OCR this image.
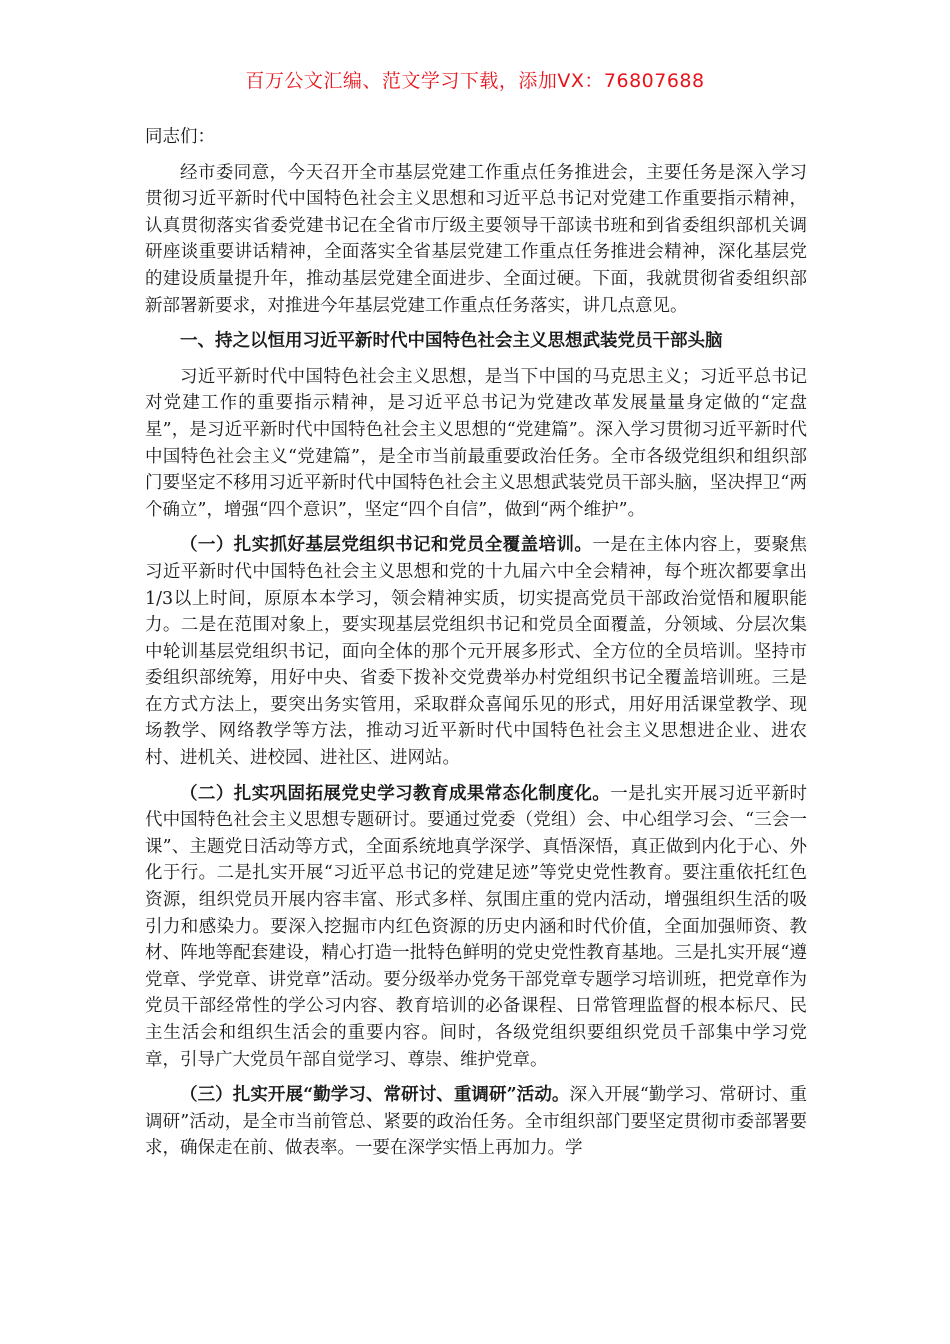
百万公文汇编、范文学习下载，添加VX：76807688

同志们：

经市委同意，今天召开全市基层党建工作重点任务推进会，主要任务是深入学习贯彻习近平新时代中国特色社会主义思想和习近平总书记对党建工作重要指示精神，认真贯彻落实省委党建书记在全省市厅级主要领导干部读书班和到省委组织部机关调研座谈重要讲话精神，全面落实全省基层党建工作重点任务推进会精神，深化基层党的建设质量提升年，推动基层党建全面进步、全面过硬。下面，我就贯彻省委组织部新部署新要求，对推进今年基层党建工作重点任务落实，讲几点意见。

一、持之以恒用习近平新时代中国特色社会主义思想武装党员干部头脑

习近平新时代中国特色社会主义思想，是当下中国的马克思主义；习近平总书记对党建工作的重要指示精神，是习近平总书记为党建改革发展量量身定做的“定盘星”，是习近平新时代中国特色社会主义思想的“党建篇”。深入学习贯彻习近平新时代中国特色社会主义“党建篇”，是全市当前最重要政治任务。全市各级党组织和组织部门要坚定不移用习近平新时代中国特色社会主义思想武装党员干部头脑，坚决捍卫“两个确立”，增强“四个意识”，坚定“四个自信”，做到“两个维护”。

（一）扎实抓好基层党组织书记和党员全覆盖培训。一是在主体内容上，要聚焦习近平新时代中国特色社会主义思想和党的十九届六中全会精神，每个班次都要拿出1/3以上时间，原原本本学习，领会精神实质，切实提高党员干部政治觉悟和履职能力。二是在范围对象上，要实现基层党组织书记和党员全面覆盖，分领域、分层次集中轮训基层党组织书记，面向全体的那个元开展多形式、全方位的全员培训。坚持市委组织部统筹，用好中央、省委下拨补交党费举办村党组织书记全覆盖培训班。三是在方式方法上，要突出务实管用，采取群众喜闻乐见的形式，用好用活课堂教学、现场教学、网络教学等方法，推动习近平新时代中国特色社会主义思想进企业、进农村、进机关、进校园、进社区、进网站。

（二）扎实巩固拓展党史学习教育成果常态化制度化。一是扎实开展习近平新时代中国特色社会主义思想专题研讨。要通过党委（党组）会、中心组学习会、“三会一课”、主题党日活动等方式，全面系统地真学深学、真悟深悟，真正做到内化于心、外化于行。二是扎实开展“习近平总书记的党建足迹”等党史党性教育。要注重依托红色资源，组织党员开展内容丰富、形式多样、氛围庄重的党内活动，增强组织生活的吸引力和感染力。要深入挖掘市内红色资源的历史内涵和时代价值，全面加强师资、教材、阵地等配套建设，精心打造一批特色鲜明的党史党性教育基地。三是扎实开展“遵党章、学党章、讲党章”活动。要分级举办党务干部党章专题学习培训班，把党章作为党员干部经常性的学公习内容、教育培训的必备课程、日常管理监督的根本标尺、民主生活会和组织生活会的重要内容。间时，各级党组织要组织党员千部集中学习党章，引导广大党员午部自觉学习、尊崇、维护党章。

（三）扎实开展“勤学习、常研讨、重调研”活动。深入开展“勤学习、常研讨、重调研”活动，是全市当前管总、紧要的政治任务。全市组织部门要坚定贯彻市委部署要求，确保走在前、做表率。一要在深学实悟上再加力。学
